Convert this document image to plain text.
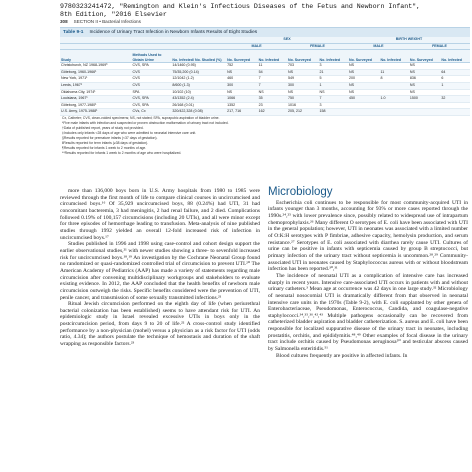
9780323241472, "Remington and Klein's Infectious Diseases of the Fetus and Newborn Infant",
8th Edition, "2016 Elsevier
308 SECTION II • Bacterial Infections
Table 9-1 Incidence of Urinary Tract Infection in Newborn Infants Results of Eight Studies
			SEX				BIRTH WEIGHT			
			MALE		FEMALE		MALE		FEMALE	
Study	Methods Used to Obtain Urine	No. Infected/ No. Studied (%)	No. Surveyed	No. Infected	No. Surveyed	No. Infected	No. Surveyed	No. Infected	No. Surveyed	No. Infected
Christchurch, NZ 1968-1969³	CVS, SPA	14/1460 (0.95)	752	11	703	3	NS		NS	
Göteborg, 1960-1966¹	CVS	75/35,200 (0.14)	NS	54	NS	21	NS	11	NS	64
New York, 1971¹	CVS	12/1042 (1.2)	460	7	549	5	200	8	836	6
Leeds, 1967¹	CVS	8/600 (1.3)	300	7	300	1	NS		NS	1
Oklahoma City, 1974¹	SPA	10/102 (10)	NS	NS	NS	NS	NS		NS	
Louisiana, 1967¹	CVS, SPA	43/1352 (2.4)	1066	35	750	7	450	1.0	1500	32
Göteborg, 1977-1980¹	CVS, SPA	26/168 (0.01)	1352	23	1016	3				
U.S. Army, 1975-1988¹	CVs, Cx	320/422,328 (0.08)	217, 716	162	205, 212	158				
Cx, Catheter; CVS, clean-voided specimens; NS, not stated; SPA, suprapubic aspiration of bladder urine.
*Five male infants with infection and suspected or proven obstruction malformation of urinary tract not included.
†Data of published report, years of study not provided.
‡Includes only infants <28 days of age who were admitted to neonatal intensive care unit.
§Results reported for premature infants (<37 days of gestation).
‖Results reported for term infants (≥38 days of gestation).
¶Results reported for infants 1 week to 2 months of age.
**Results reported for infants 1 week to 2 months of age who were hospitalized.

more than 136,000 boys born in U.S. Army hospitals from 1980 to 1985 were reviewed through the first month of life to compare clinical courses in uncircumcised and circumcised boys.¹⁶ Of 35,929 uncircumcised boys, 88 (0.24%) had UTI, 31 had concomitant bacteremia, 3 had meningitis, 2 had renal failure, and 2 died. Complications followed 0.19% of 100,157 circumcisions (including 20 UTIs), and all were minor except for three episodes of hemorrhage leading to transfusion. Meta-analysis of nine published studies through 1992 yielded an overall 12-fold increased risk of infection in uncircumcised boys.¹⁷

Studies published in 1996 and 1998 using case-control and cohort design support the earlier observational studies,²¹ with newer studies showing a three- to sevenfold increased risk for uncircumcised boys.¹⁸,¹⁹ An investigation by the Cochrane Neonatal Group found no randomized or quasi-randomized controlled trial of circumcision to prevent UTI.²⁰ The American Academy of Pediatrics (AAP) has made a variety of statements regarding male circumcision after convening multidisciplinary workgroups and stakeholders to evaluate existing evidence. In 2012, the AAP concluded that the health benefits of newborn male circumcision outweigh the risks. Specific benefits considered were the prevention of UTI, penile cancer, and transmission of some sexually transmitted infections.²¹

Ritual Jewish circumcision performed on the eighth day of life (when periurethral bacterial colonization has been established) seems to have attendant risk for UTI. An epidemiologic study in Israel revealed excessive UTIs in boys only in the postcircumcision period, from days 9 to 20 of life.²² A cross-control study identified performance by a non-physician (mohel) versus a physician as a risk factor for UTI (odds ratio, 4.34); the authors postulate the technique of hemostasis and duration of the shaft wrapping as responsible factors.²³

Microbiology

Escherichia coli continues to be responsible for most community-acquired UTI in infants younger than 3 months, accounting for 93% or more cases reported through the 1990s.²⁴,²⁵ with lower prevalence since, possibly related to widespread use of intrapartum chemoprophylaxis.²⁶ Many different O serotypes of E. coli have been associated with UTI in the general population; however, UTI in neonates was associated with a limited number of O:K:H serotypes with P fimbriae, adhesive capacity, hemolysin production, and serum resistance.²⁷ Serotypes of E. coli associated with diarrhea rarely cause UTI. Cultures of urine can be positive in infants with septicemia caused by group B streptococci, but primary infection of the urinary tract without septicemia is uncommon.²⁸,²⁹ Community-associated UTI in neonates caused by Staphylococcus aureus with or without bloodstream infection has been reported.³⁰,³¹

The incidence of neonatal UTI as a complication of intensive care has increased sharply in recent years. Intensive care-associated UTI occurs in patients with and without urinary catheters.³ Mean age at occurrence was 42 days in one large study.³² Microbiology of neonatal nosocomial UTI is dramatically different from that observed in neonatal intensive care units in the 1970s (Table 9-2), with E. coli supplanted by other genera of Enterobacteriaceae, Pseudomonas, Enterococcus, Candida, and coagulase-negative staphylococci.³⁴,³⁵,³⁶,⁴²,⁴³ Multiple pathogens occasionally can be recovered from catheterized bladder aspiration and bladder catheterization. S. aureus and E. coli have been responsible for localized suppurative disease of the urinary tract in neonates, including prostatitis, orchitis, and epididymitis.⁴⁸,⁴⁹ Other examples of focal disease in the urinary tract include orchitis caused by Pseudomonas aeruginosa⁵⁰ and testicular abscess caused by Salmonella enteritidis.⁵¹

Blood cultures frequently are positive in affected infants. In
